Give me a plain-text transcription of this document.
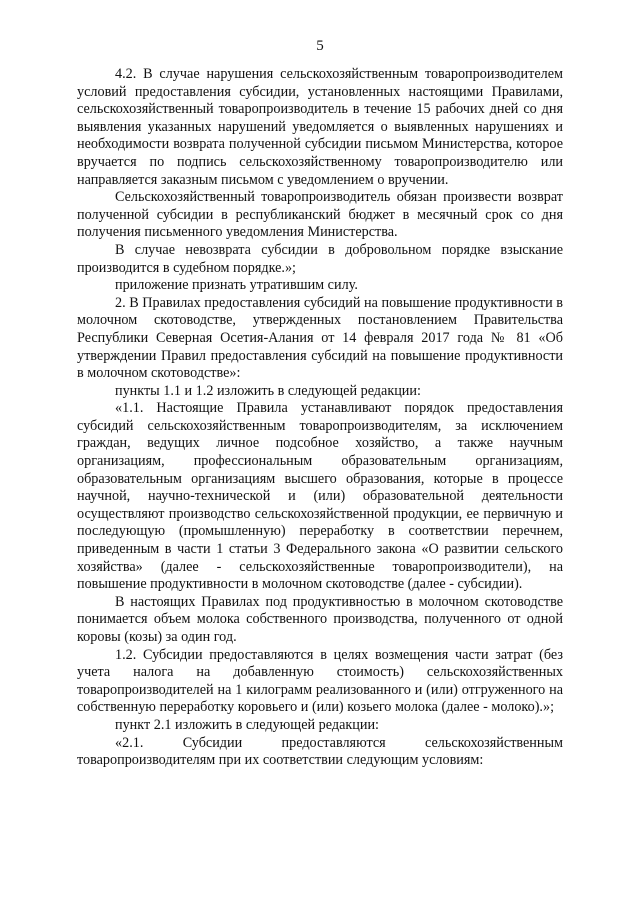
5

4.2. В случае нарушения сельскохозяйственным товаропроизводителем условий предоставления субсидии, установленных настоящими Правилами, сельскохозяйственный товаропроизводитель в течение 15 рабочих дней со дня выявления указанных нарушений уведомляется о выявленных нарушениях и необходимости возврата полученной субсидии письмом Министерства, которое вручается по подпись сельскохозяйственному товаропроизводителю или направляется заказным письмом с уведомлением о вручении.

Сельскохозяйственный товаропроизводитель обязан произвести возврат полученной субсидии в республиканский бюджет в месячный срок со дня получения письменного уведомления Министерства.

В случае невозврата субсидии в добровольном порядке взыскание производится в судебном порядке.»;

приложение признать утратившим силу.

2. В Правилах предоставления субсидий на повышение продуктивности в молочном скотоводстве, утвержденных постановлением Правительства Республики Северная Осетия-Алания от 14 февраля 2017 года № 81 «Об утверждении Правил предоставления субсидий на повышение продуктивности в молочном скотоводстве»:

пункты 1.1 и 1.2 изложить в следующей редакции:

«1.1. Настоящие Правила устанавливают порядок предоставления субсидий сельскохозяйственным товаропроизводителям, за исключением граждан, ведущих личное подсобное хозяйство, а также научным организациям, профессиональным образовательным организациям, образовательным организациям высшего образования, которые в процессе научной, научно-технической и (или) образовательной деятельности осуществляют производство сельскохозяйственной продукции, ее первичную и последующую (промышленную) переработку в соответствии перечнем, приведенным в части 1 статьи 3 Федерального закона «О развитии сельского хозяйства» (далее - сельскохозяйственные товаропроизводители), на повышение продуктивности в молочном скотоводстве (далее - субсидии).

В настоящих Правилах под продуктивностью в молочном скотоводстве понимается объем молока собственного производства, полученного от одной коровы (козы) за один год.

1.2. Субсидии предоставляются в целях возмещения части затрат (без учета налога на добавленную стоимость) сельскохозяйственных товаропроизводителей на 1 килограмм реализованного и (или) отгруженного на собственную переработку коровьего и (или) козьего молока (далее - молоко).»;

пункт 2.1 изложить в следующей редакции:

«2.1. Субсидии предоставляются сельскохозяйственным товаропроизводителям при их соответствии следующим условиям:
